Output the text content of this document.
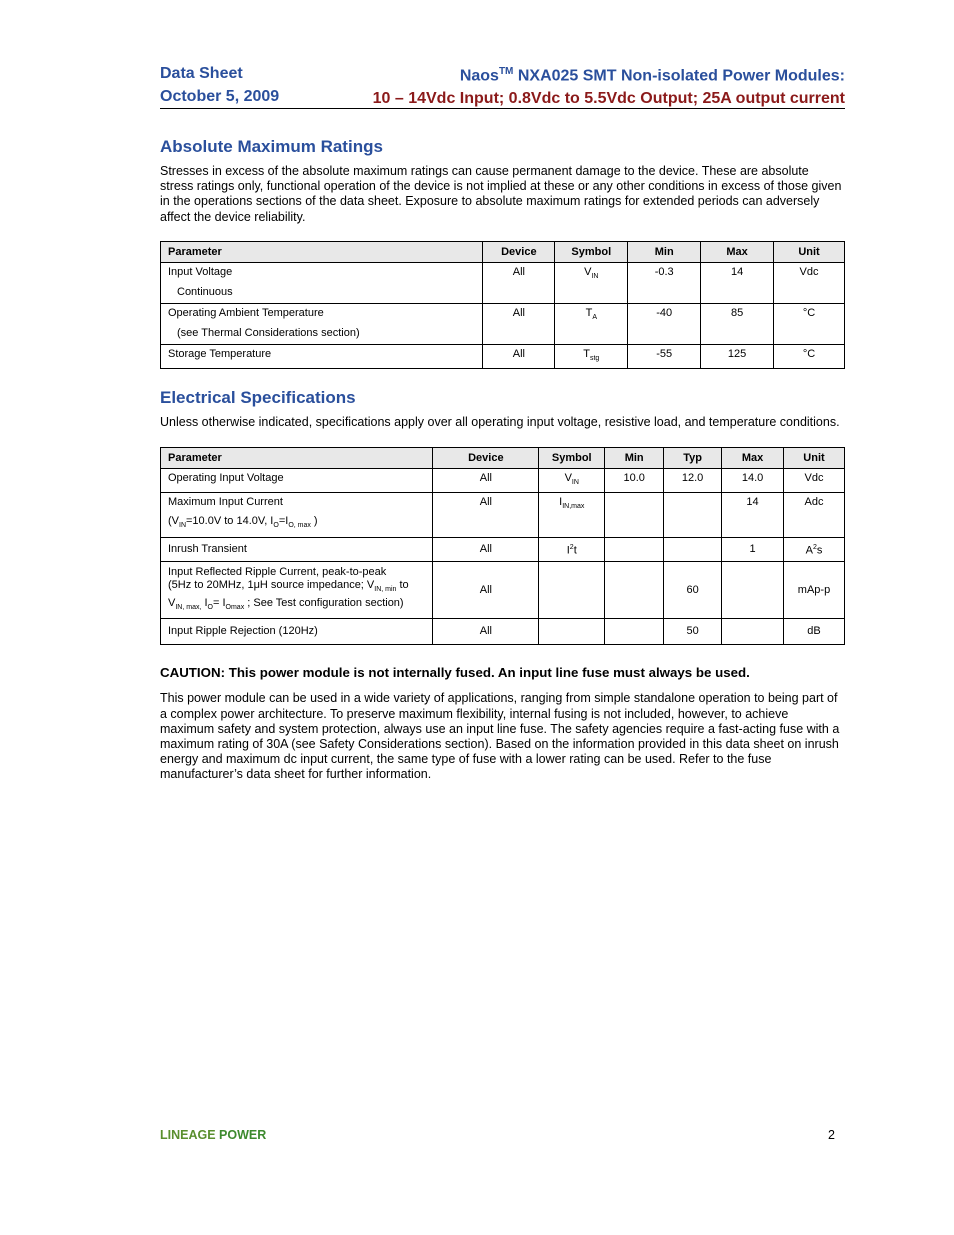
Data Sheet
October 5, 2009
Naos™ NXA025 SMT Non-isolated Power Modules:
10 – 14Vdc Input; 0.8Vdc to 5.5Vdc Output; 25A output current
Absolute Maximum Ratings

Stresses in excess of the absolute maximum ratings can cause permanent damage to the device. These are absolute stress ratings only, functional operation of the device is not implied at these or any other conditions in excess of those given in the operations sections of the data sheet. Exposure to absolute maximum ratings for extended periods can adversely affect the device reliability.

Parameter	Device	Symbol	Min	Max	Unit

Input Voltage
Continuous	All	$V_{IN}$	-0.3	14	Vdc

Operating Ambient Temperature
(see Thermal Considerations section)	All	$T_A$	-40	85	°C
Storage Temperature	All	$T_{stg}$	-55	125	°C
Electrical Specifications

Unless otherwise indicated, specifications apply over all operating input voltage, resistive load, and temperature conditions.

Parameter	Device	Symbol	Min	Typ	Max	Unit
Operating Input Voltage	All	$V_{IN}$	10.0	12.0	14.0	Vdc

Maximum Input Current
($V_{IN}=10.0V$ to 14.0V, $I_O=I_{O, max}$ )	All	$I_{IN,max}$			14	Adc
Inrush Transient	All	$I^2t$			1	$A^2s$

Input Reflected Ripple Current, peak-to-peak
(5Hz to 20MHz, 1μH source impedance; $V_{IN, min}$ to
$V_{IN, max,}$ $I_O= I_{Omax}$ ; See Test configuration section)	All			60		mAp-p
Input Ripple Rejection (120Hz)	All			50		dB

CAUTION: This power module is not internally fused. An input line fuse must always be used.

This power module can be used in a wide variety of applications, ranging from simple standalone operation to being part of a complex power architecture. To preserve maximum flexibility, internal fusing is not included, however, to achieve maximum safety and system protection, always use an input line fuse. The safety agencies require a fast-acting fuse with a maximum rating of 30A (see Safety Considerations section). Based on the information provided in this data sheet on inrush energy and maximum dc input current, the same type of fuse with a lower rating can be used. Refer to the fuse manufacturer’s data sheet for further information.

LINEAGE POWER	2
